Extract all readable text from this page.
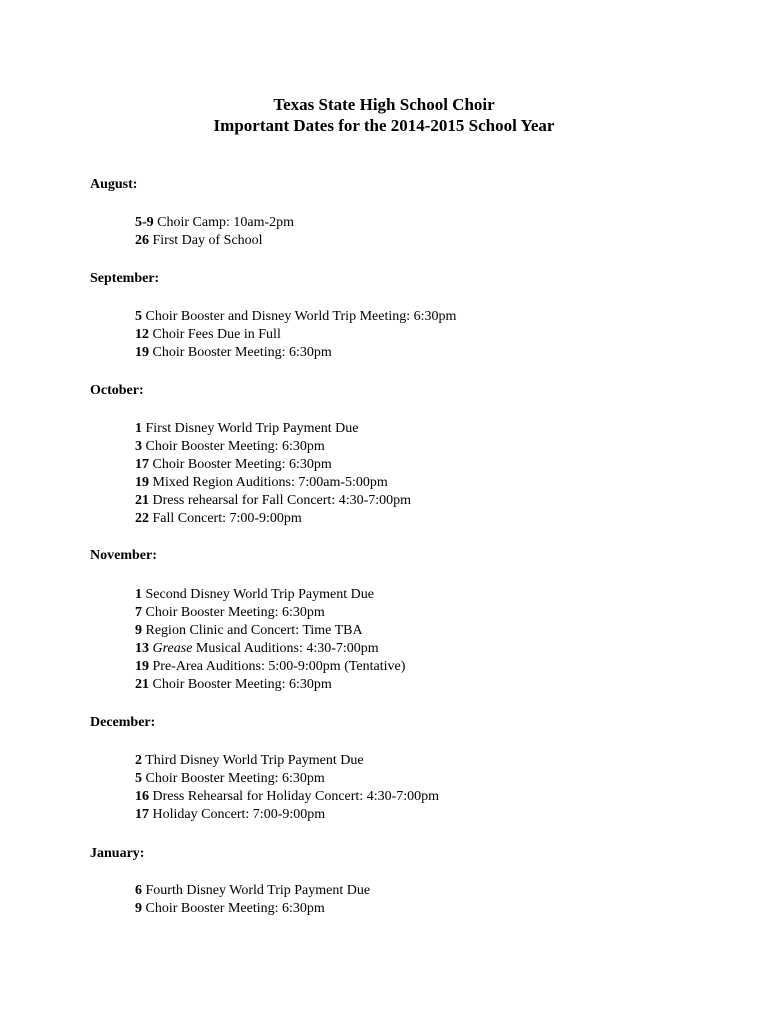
Texas State High School Choir
Important Dates for the 2014-2015 School Year
August:
5-9 Choir Camp: 10am-2pm
26 First Day of School
September:
5 Choir Booster and Disney World Trip Meeting: 6:30pm
12 Choir Fees Due in Full
19 Choir Booster Meeting: 6:30pm
October:
1 First Disney World Trip Payment Due
3 Choir Booster Meeting: 6:30pm
17 Choir Booster Meeting: 6:30pm
19 Mixed Region Auditions: 7:00am-5:00pm
21 Dress rehearsal for Fall Concert: 4:30-7:00pm
22 Fall Concert: 7:00-9:00pm
November:
1 Second Disney World Trip Payment Due
7 Choir Booster Meeting: 6:30pm
9 Region Clinic and Concert: Time TBA
13 Grease Musical Auditions: 4:30-7:00pm
19 Pre-Area Auditions: 5:00-9:00pm (Tentative)
21 Choir Booster Meeting: 6:30pm
December:
2 Third Disney World Trip Payment Due
5 Choir Booster Meeting: 6:30pm
16 Dress Rehearsal for Holiday Concert: 4:30-7:00pm
17 Holiday Concert: 7:00-9:00pm
January:
6 Fourth Disney World Trip Payment Due
9 Choir Booster Meeting: 6:30pm
